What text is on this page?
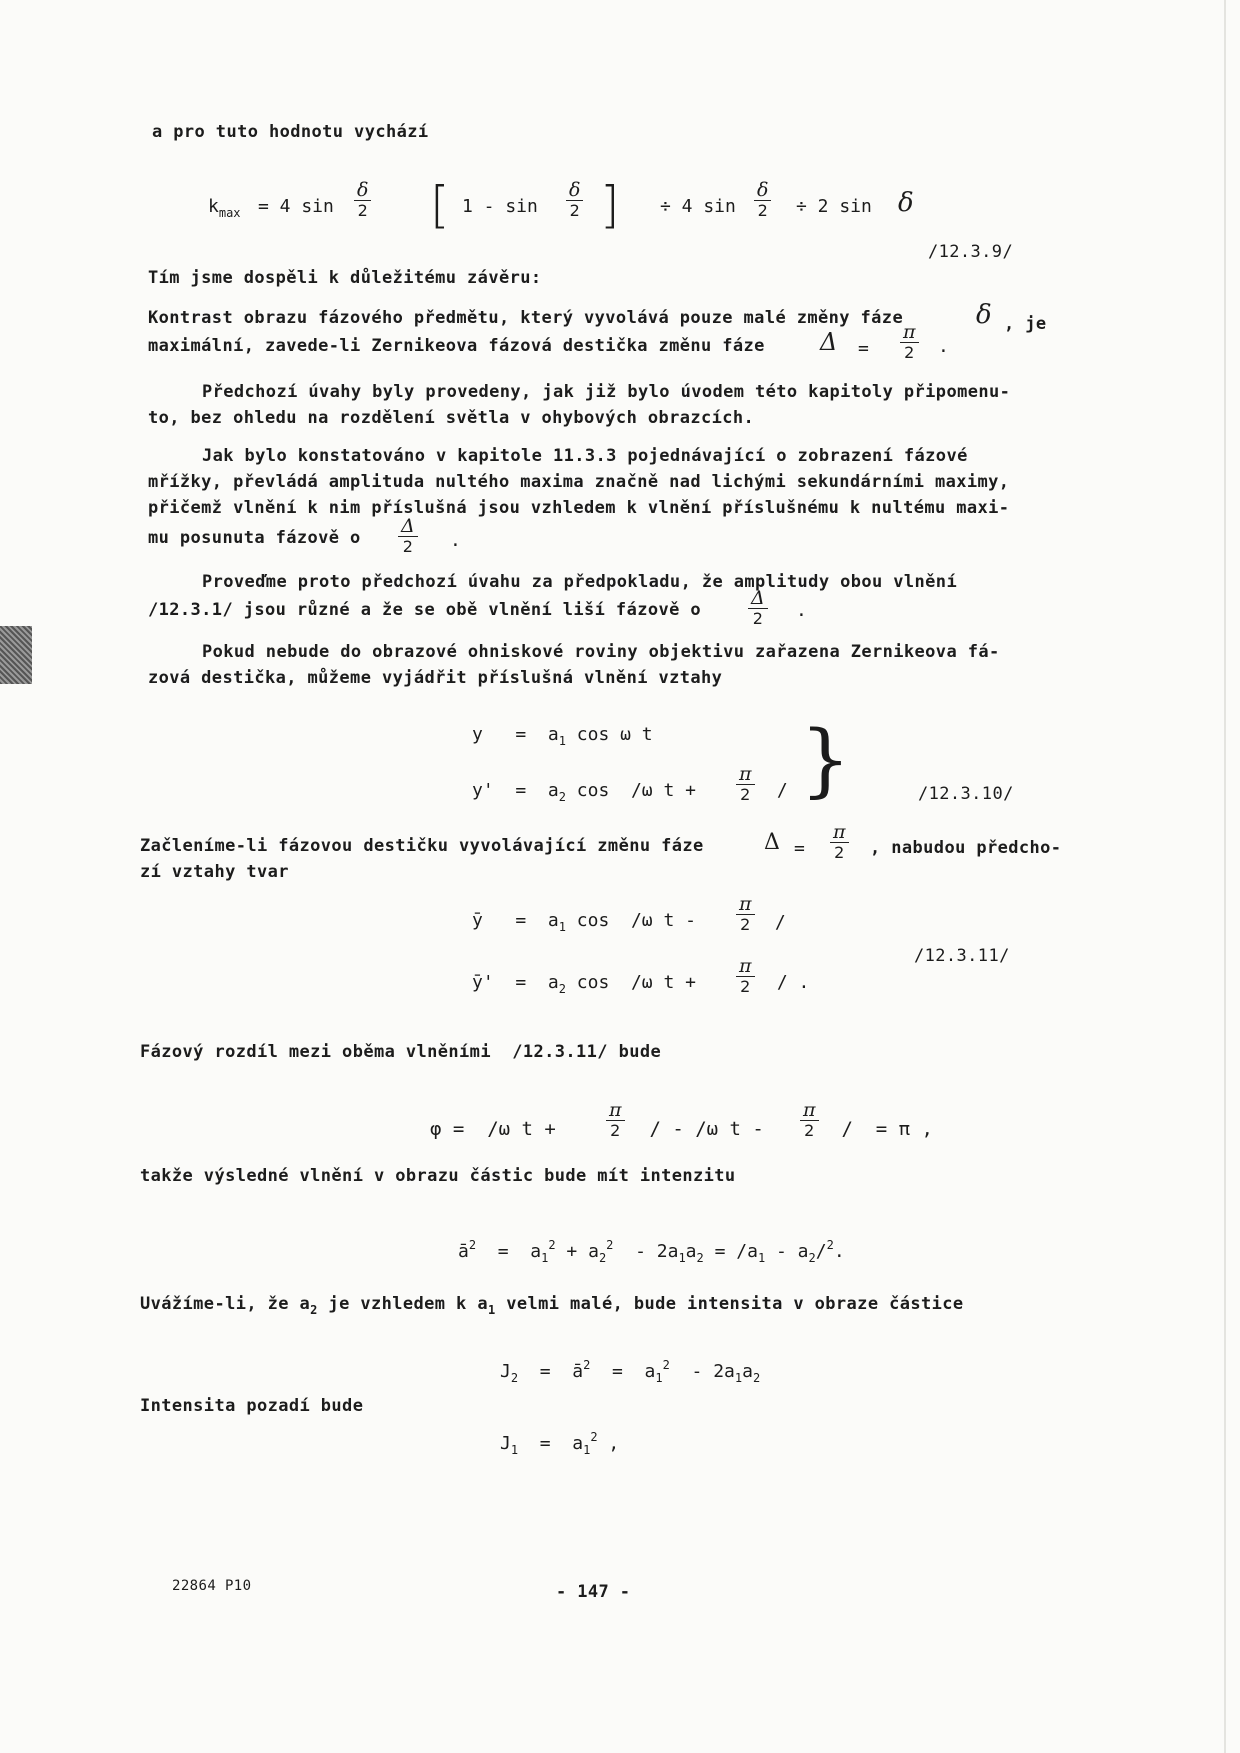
a pro tuto hodnotu vychází
$k_{max} = 4$ sin
δ
2 [ 1 - sin
δ
2 ] ÷ 4 sin
δ
2 ÷ 2 sin δ
/12.3.9/
Tím jsme dospěli k důležitému závěru:
Kontrast obrazu fázového předmětu, který vyvolává pouze malé změny fáze	δ , je
maximální, zavede-li Zernikeova fázová destička změnu fáze Δ =
π
2 .
Předchozí úvahy byly provedeny, jak již bylo úvodem této kapitoly připomenu-
to, bez ohledu na rozdělení světla v ohybových obrazcích.
Jak bylo konstatováno v kapitole 11.3.3 pojednávající o zobrazení fázové
mřížky, převládá amplituda nultého maxima značně nad lichými sekundárními maximy,
přičemž vlnění k nim příslušná jsou vzhledem k vlnění příslušnému k nultému maxi-
mu posunuta fázově o
Δ
2 .
Proveďme proto předchozí úvahu za předpokladu, že amplitudy obou vlnění
/12.3.1/ jsou různé a že se obě vlnění liší fázově o
Δ
2 .
Pokud nebude do obrazové ohniskové roviny objektivu zařazena Zernikeova fá-
zová destička, můžeme vyjádřit příslušná vlnění vztahy
$y = a_1$ cos ω t
$y' = a_2$ cos  /ω t +
π
2 / }	/12.3.10/
Začleníme-li fázovou destičku vyvolávající změnu fáze	Δ =
π
2 , nabudou předcho-
zí vztahy tvar
ȳ   =  $a_1$ cos  /ω t -
π
2 /
/12.3.11/
ȳ'  =  $a_2$ cos  /ω t +
π
2 / .
Fázový rozdíl mezi oběma vlněními  /12.3.11/ bude
φ =  /ω t +
π
2 / - /ω t -
π
2 /  = π ,
takže výsledné vlnění v obrazu částic bude mít intenzitu
$ā^2 = a_1^2 + a_2^2 - 2a_1a_2 = /a_1 - a_2/^2$.
Uvážíme-li, že $a_2$ je vzhledem k $a_1$ velmi malé, bude intensita v obraze částice
$J_2$  =  $ā^2 = a_1^2 - 2a_1a_2$
Intensita pozadí bude
$J_1 = a_1^2$ ,
22864 P10	- 147 -
